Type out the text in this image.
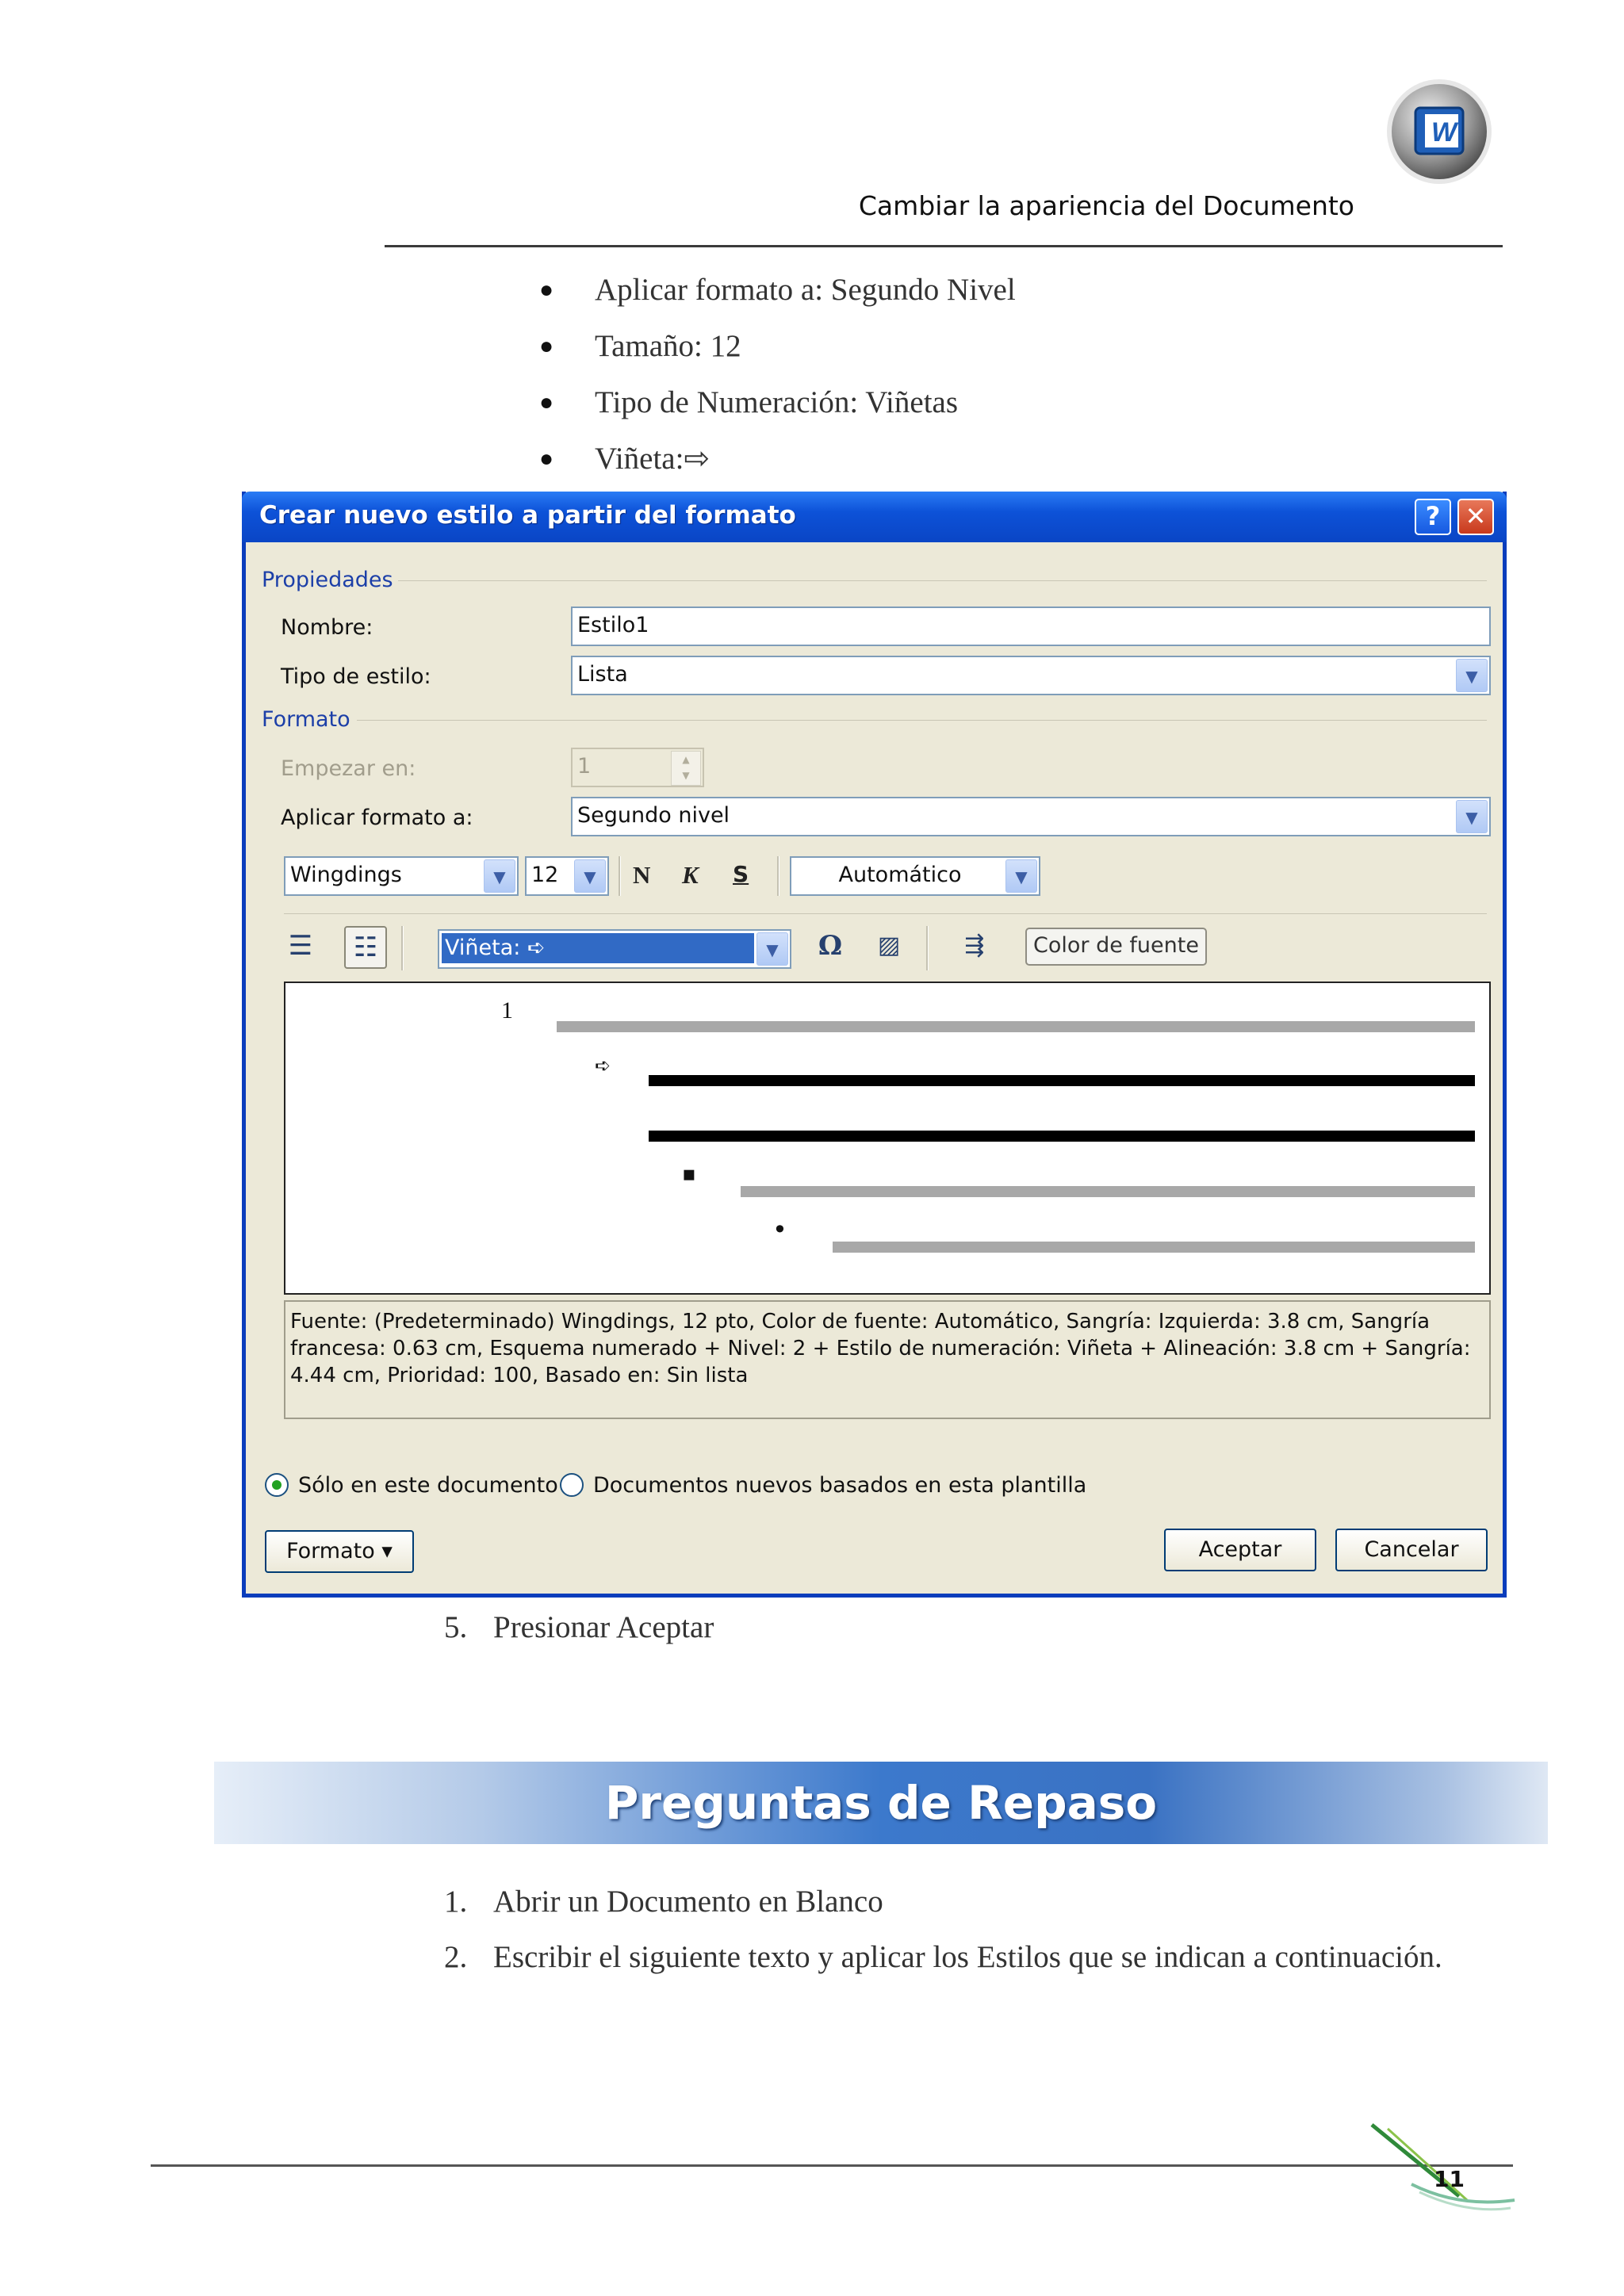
Cambiar la apariencia del Documento
W
●	Aplicar formato a: Segundo Nivel
●	Tamaño: 12
●	Tipo de Numeración: Viñetas
●	Viñeta:⇨
Crear nuevo estilo a partir del formato	? ✕
Propiedades
Nombre:	Estilo1
Tipo de estilo:	Lista	▼
Formato
Empezar en:	1	▲
▼
Aplicar formato a:	Segundo nivel	▼
Wingdings	▼	12	▼	N K S	Automático	▼
☰	☷	Viñeta: ➪	▼	Ω	▨	⇶	Color de fuente
1
➪
▪
•
Fuente: (Predeterminado) Wingdings, 12 pto, Color de fuente: Automático, Sangría: Izquierda: 3.8 cm, Sangría francesa: 0.63 cm, Esquema numerado + Nivel: 2 + Estilo de numeración: Viñeta + Alineación: 3.8 cm + Sangría: 4.44 cm, Prioridad: 100, Basado en: Sin lista
Sólo en este documento Documentos nuevos basados en esta plantilla
Formato ▾	Aceptar	Cancelar
5. Presionar Aceptar
Preguntas de Repaso
1. Abrir un Documento en Blanco
2. Escribir el siguiente texto y aplicar los Estilos que se indican a continuación.
11
